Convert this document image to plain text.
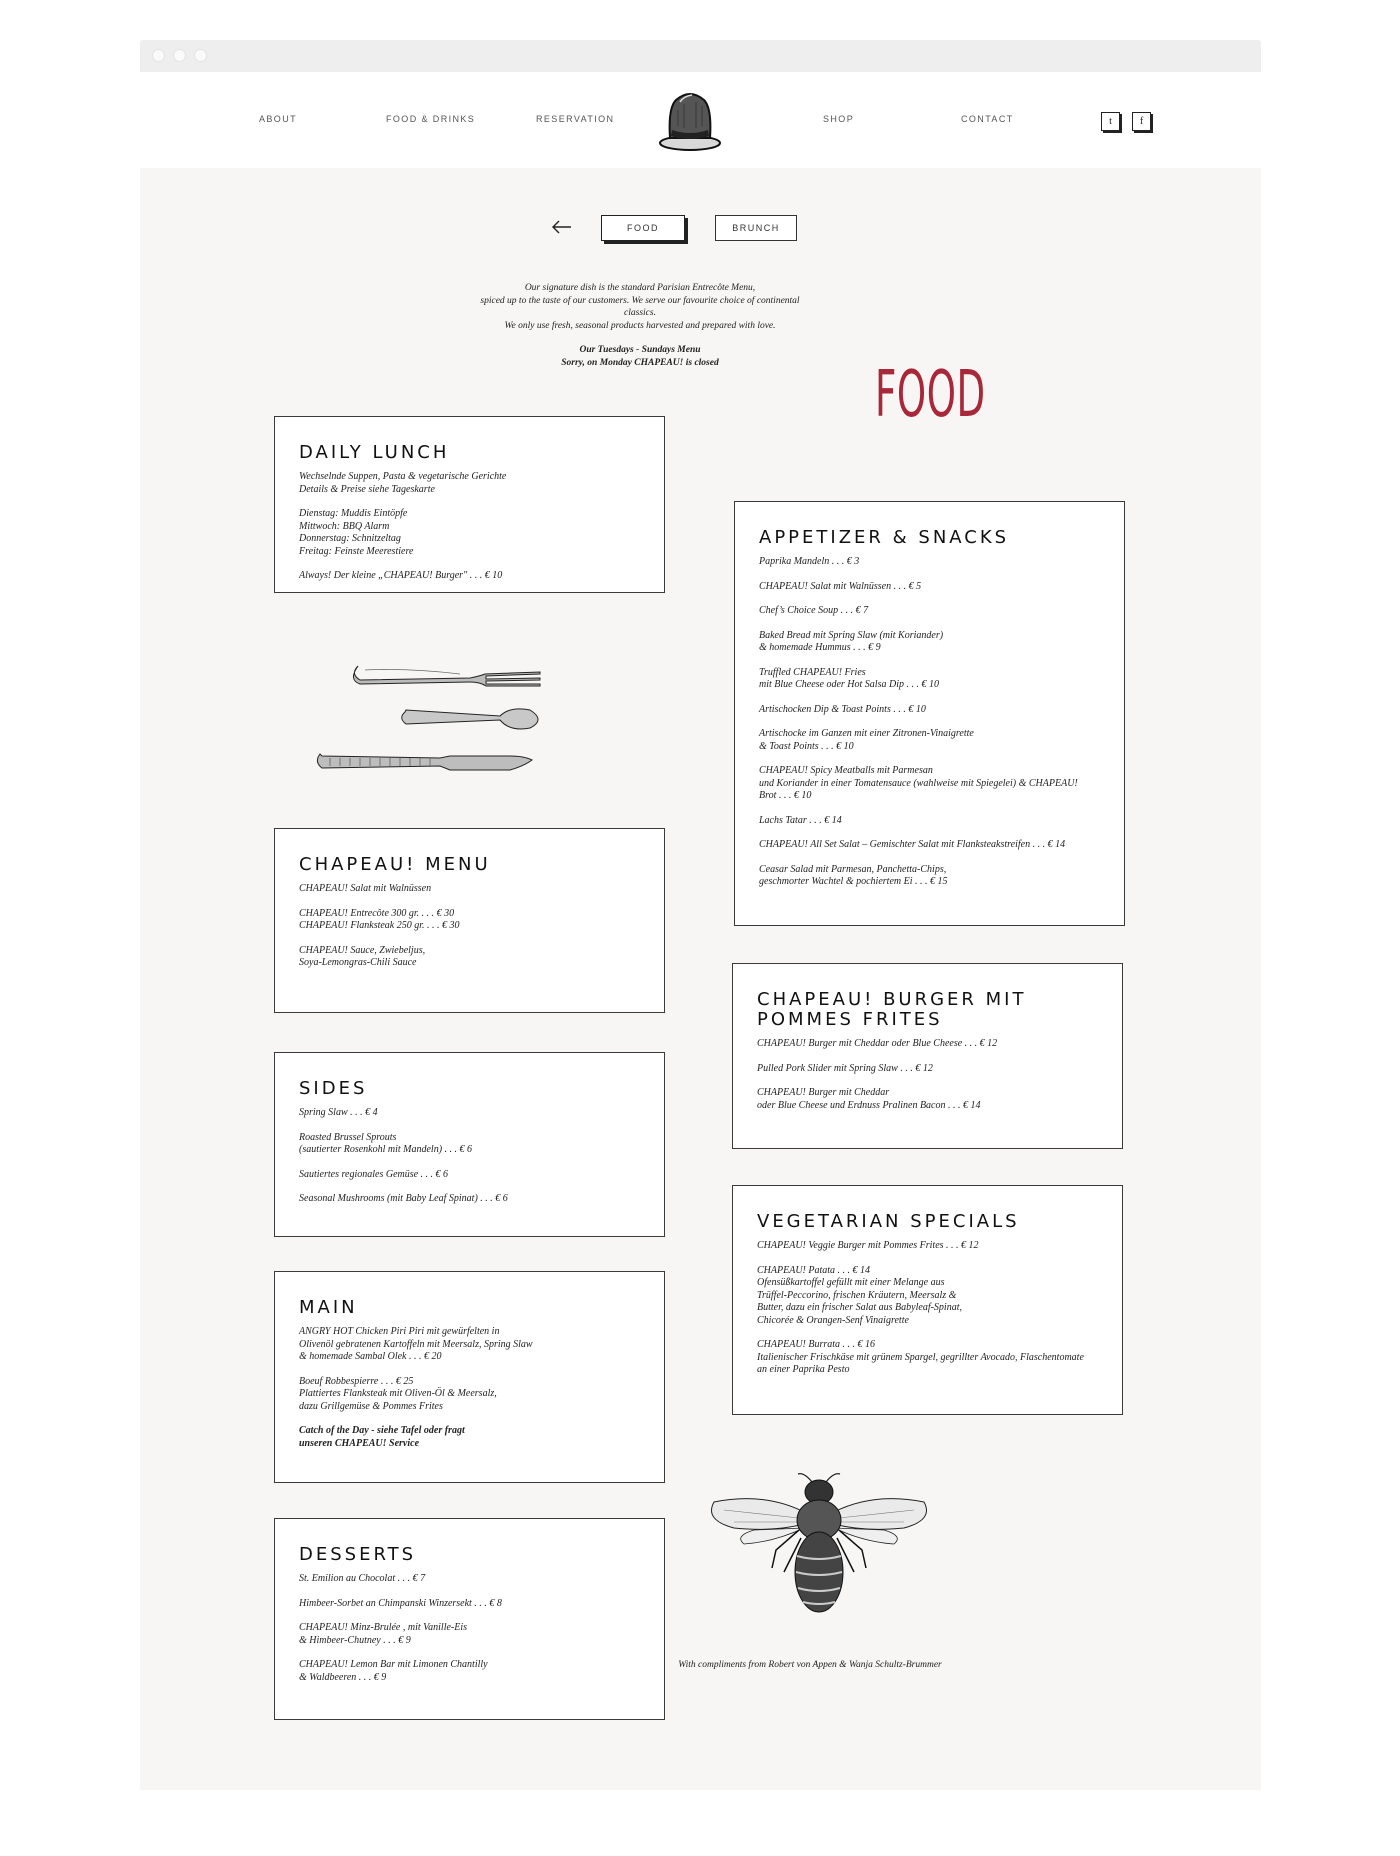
ABOUT	FOOD & DRINKS	RESERVATION	SHOP	CONTACT	t	f
FOOD	BRUNCH

Our signature dish is the standard Parisian Entrecôte Menu,

spiced up to the taste of our customers. We serve our favourite choice of continental classics.

We only use fresh, seasonal products harvested and prepared with love.

Our Tuesdays - Sundays Menu

Sorry, on Monday CHAPEAU! is closed	FOOD
DAILY LUNCH

Wechselnde Suppen, Pasta & vegetarische Gerichte
Details & Preise siehe Tageskarte

Dienstag: Muddis Eintöpfe
Mittwoch: BBQ Alarm
Donnerstag: Schnitzeltag
Freitag: Feinste Meerestiere

Always! Der kleine „CHAPEAU! Burger" . . . € 10

CHAPEAU! MENU

CHAPEAU! Salat mit Walnüssen

CHAPEAU! Entrecôte 300 gr. . . . € 30
CHAPEAU! Flanksteak 250 gr. . . . € 30

CHAPEAU! Sauce, Zwiebeljus,
Soya-Lemongras-Chili Sauce

SIDES

Spring Slaw . . . € 4

Roasted Brussel Sprouts
(sautierter Rosenkohl mit Mandeln) . . . € 6

Sautiertes regionales Gemüse . . . € 6

Seasonal Mushrooms (mit Baby Leaf Spinat) . . . € 6

MAIN

ANGRY HOT Chicken Piri Piri mit gewürfelten in
Olivenöl gebratenen Kartoffeln mit Meersalz, Spring Slaw
& homemade Sambal Olek . . . € 20

Boeuf Robbespierre . . . € 25
Plattiertes Flanksteak mit Oliven-Öl & Meersalz,
dazu Grillgemüse & Pommes Frites

Catch of the Day - siehe Tafel oder fragt
unseren CHAPEAU! Service

DESSERTS

St. Emilion au Chocolat . . . € 7

Himbeer-Sorbet an Chimpanski Winzersekt . . . € 8

CHAPEAU! Minz-Brulée , mit Vanille-Eis
& Himbeer-Chutney . . . € 9

CHAPEAU! Lemon Bar mit Limonen Chantilly
& Waldbeeren . . . € 9

APPETIZER & SNACKS

Paprika Mandeln . . . € 3

CHAPEAU! Salat mit Walnüssen . . . € 5

Chef’s Choice Soup . . . € 7

Baked Bread mit Spring Slaw (mit Koriander)
& homemade Hummus . . . € 9

Truffled CHAPEAU! Fries
mit Blue Cheese oder Hot Salsa Dip . . . € 10

Artischocken Dip & Toast Points . . . € 10

Artischocke im Ganzen mit einer Zitronen-Vinaigrette
& Toast Points . . . € 10

CHAPEAU! Spicy Meatballs mit Parmesan
und Koriander in einer Tomatensauce (wahlweise mit Spiegelei) & CHAPEAU!
Brot . . . € 10

Lachs Tatar . . . € 14

CHAPEAU! All Set Salat – Gemischter Salat mit Flanksteakstreifen . . . € 14

Ceasar Salad mit Parmesan, Panchetta-Chips,
geschmorter Wachtel & pochiertem Ei . . . € 15

CHAPEAU! BURGER MIT POMMES FRITES

CHAPEAU! Burger mit Cheddar oder Blue Cheese . . . € 12

Pulled Pork Slider mit Spring Slaw . . . € 12

CHAPEAU! Burger mit Cheddar
oder Blue Cheese und Erdnuss Pralinen Bacon . . . € 14

VEGETARIAN SPECIALS

CHAPEAU! Veggie Burger mit Pommes Frites . . . € 12

CHAPEAU! Patata . . . € 14
Ofensüßkartoffel gefüllt mit einer Melange aus
Trüffel-Peccorino, frischen Kräutern, Meersalz &
Butter, dazu ein frischer Salat aus Babyleaf-Spinat,
Chicorée & Orangen-Senf Vinaigrette

CHAPEAU! Burrata . . . € 16
Italienischer Frischkäse mit grünem Spargel, gegrillter Avocado, Flaschentomate
an einer Paprika Pesto

With compliments from Robert von Appen & Wanja Schultz-Brummer
